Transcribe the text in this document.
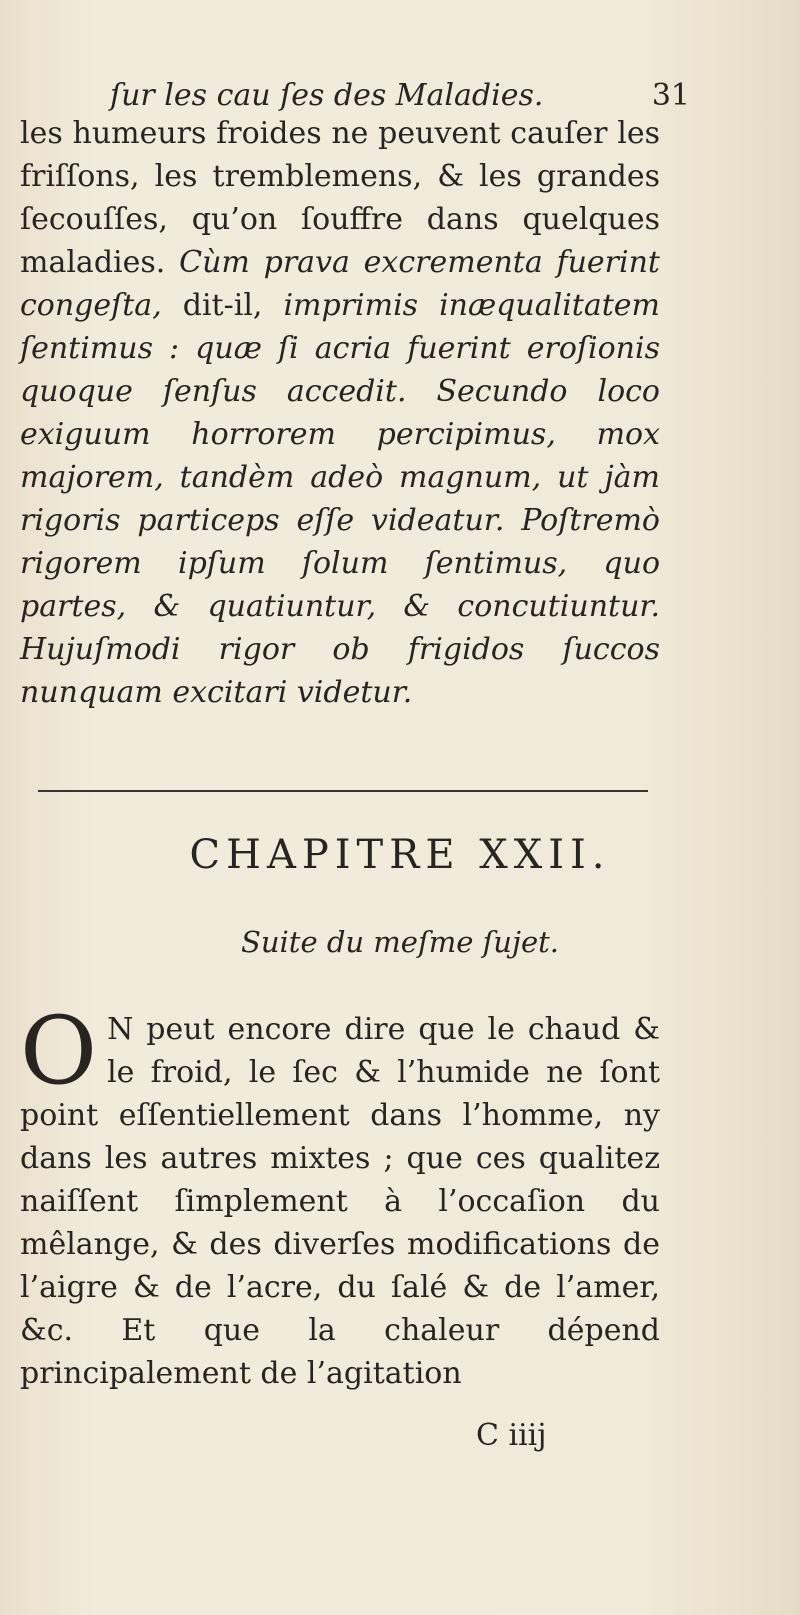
ſur les cau ſes des Maladies.	31

les humeurs froides ne peuvent cauſer les friſſons, les tremblemens, & les grandes ſecouſſes, qu’on ſouffre dans quelques maladies. Cùm prava excrementa fuerint congeſta, dit-il, imprimis inæqualitatem ſentimus : quæ ſi acria fuerint eroſionis quoque ſenſus accedit. Secundo loco exiguum horrorem percipimus, mox majorem, tandèm adeò magnum, ut jàm rigoris particeps eſſe videatur. Poſtremò rigorem ipſum ſolum ſentimus, quo partes, & quatiuntur, & concutiuntur. Hujuſmodi rigor ob frigidos ſuccos nunquam excitari videtur.

CHAPITRE XXII.
Suite du meſme ſujet.
O N peut encore dire que le chaud & le froid, le ſec & l’humide ne ſont point eſſentiellement dans l’homme, ny dans les autres mixtes ; que ces qualitez naiſſent ſimplement à l’occaſion du mêlange, & des diverſes modifications de l’aigre & de l’acre, du ſalé & de l’amer, &c. Et que la chaleur dépend principalement de l’agitation
C iiij
